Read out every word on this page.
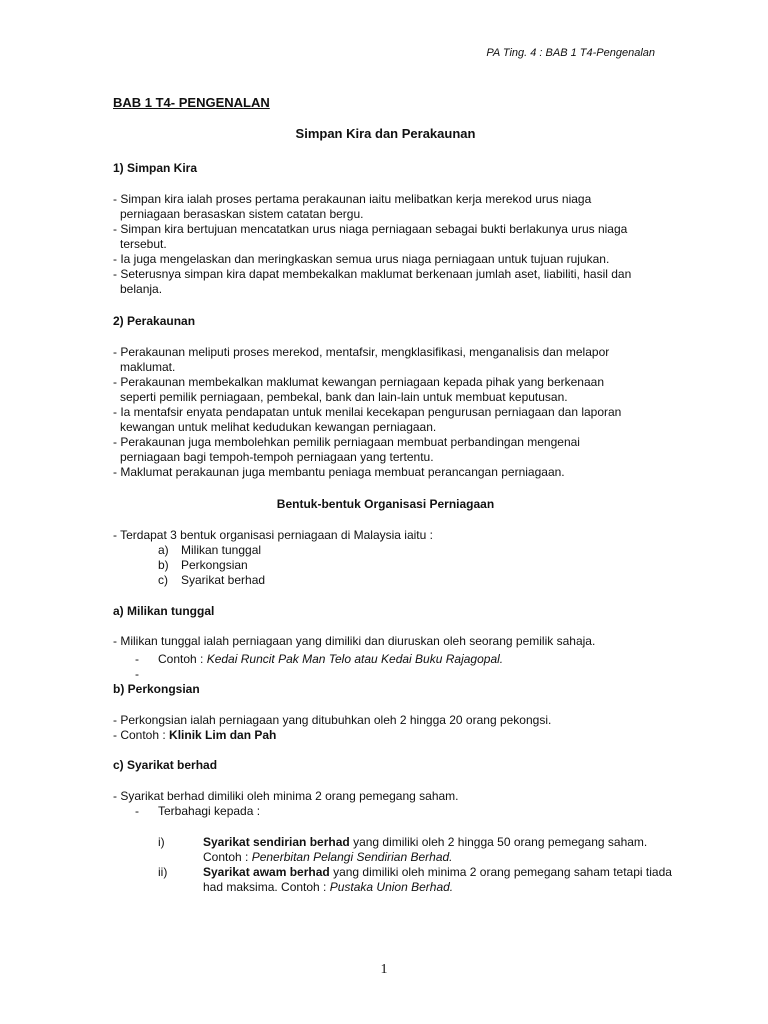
PA Ting. 4 : BAB 1 T4-Pengenalan
BAB 1 T4- PENGENALAN
Simpan Kira dan Perakaunan
1) Simpan Kira
- Simpan kira ialah proses pertama perakaunan iaitu melibatkan kerja merekod urus niaga
perniagaan berasaskan sistem catatan bergu.
- Simpan kira bertujuan mencatatkan urus niaga perniagaan sebagai bukti berlakunya urus niaga
tersebut.
- Ia juga mengelaskan dan meringkaskan semua urus niaga perniagaan untuk tujuan rujukan.
- Seterusnya simpan kira dapat membekalkan maklumat berkenaan jumlah aset, liabiliti, hasil dan
belanja.
2) Perakaunan
- Perakaunan meliputi proses merekod, mentafsir, mengklasifikasi, menganalisis dan melapor
maklumat.
- Perakaunan membekalkan maklumat kewangan perniagaan kepada pihak yang berkenaan
seperti pemilik perniagaan, pembekal, bank dan lain-lain untuk membuat keputusan.
- Ia mentafsir enyata pendapatan untuk menilai kecekapan pengurusan perniagaan dan laporan
kewangan untuk melihat kedudukan kewangan perniagaan.
- Perakaunan juga membolehkan pemilik perniagaan membuat perbandingan mengenai
perniagaan bagi tempoh-tempoh perniagaan yang tertentu.
- Maklumat perakaunan juga membantu peniaga membuat perancangan perniagaan.
Bentuk-bentuk Organisasi Perniagaan
- Terdapat 3 bentuk organisasi perniagaan di Malaysia iaitu :
a) Milikan tunggal
b) Perkongsian
c) Syarikat berhad
a) Milikan tunggal
- Milikan tunggal ialah perniagaan yang dimiliki dan diuruskan oleh seorang pemilik sahaja.
- Contoh : Kedai Runcit Pak Man Telo atau Kedai Buku Rajagopal.
-
b) Perkongsian
- Perkongsian ialah perniagaan yang ditubuhkan oleh 2 hingga 20 orang pekongsi.
- Contoh : Klinik Lim dan Pah
c) Syarikat berhad
- Syarikat berhad dimiliki oleh minima 2 orang pemegang saham.
- Terbahagi kepada :
i)	Syarikat sendirian berhad yang dimiliki oleh 2 hingga 50 orang pemegang saham.
Contoh : Penerbitan Pelangi Sendirian Berhad.
ii)	Syarikat awam berhad yang dimiliki oleh minima 2 orang pemegang saham tetapi tiada
had maksima. Contoh : Pustaka Union Berhad.
1
